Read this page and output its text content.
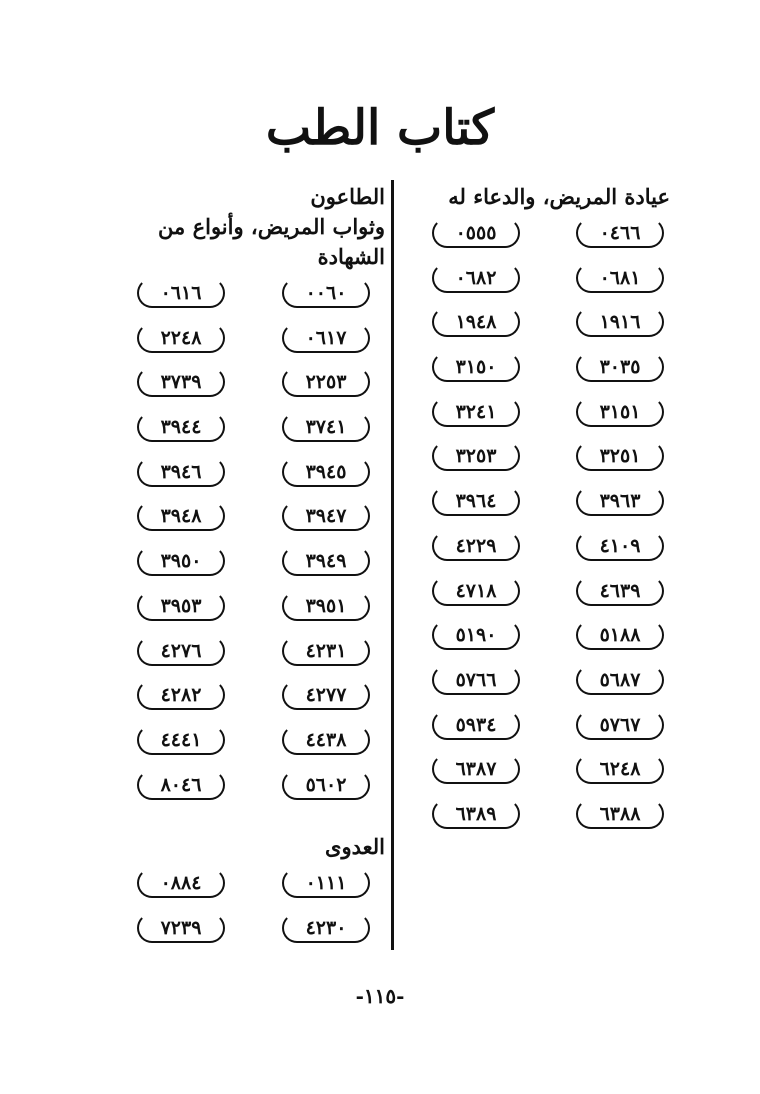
كتاب الطب
عيادة المريض، والدعاء له
٠٤٦٦
٠٥٥٥
٠٦٨١
٠٦٨٢
١٩١٦
١٩٤٨
٣٠٣٥
٣١٥٠
٣١٥١
٣٢٤١
٣٢٥١
٣٢٥٣
٣٩٦٣
٣٩٦٤
٤١٠٩
٤٢٢٩
٤٦٣٩
٤٧١٨
٥١٨٨
٥١٩٠
٥٦٨٧
٥٧٦٦
٥٧٦٧
٥٩٣٤
٦٢٤٨
٦٣٨٧
٦٣٨٨
٦٣٨٩
الطاعون
وثواب المريض، وأنواع من الشهادة
٠٠٦٠
٠٦١٦
٠٦١٧
٢٢٤٨
٢٢٥٣
٣٧٣٩
٣٧٤١
٣٩٤٤
٣٩٤٥
٣٩٤٦
٣٩٤٧
٣٩٤٨
٣٩٤٩
٣٩٥٠
٣٩٥١
٣٩٥٣
٤٢٣١
٤٢٧٦
٤٢٧٧
٤٢٨٢
٤٤٣٨
٤٤٤١
٥٦٠٢
٨٠٤٦
العدوى
٠١١١
٠٨٨٤
٤٢٣٠
٧٢٣٩
-١١٥-
